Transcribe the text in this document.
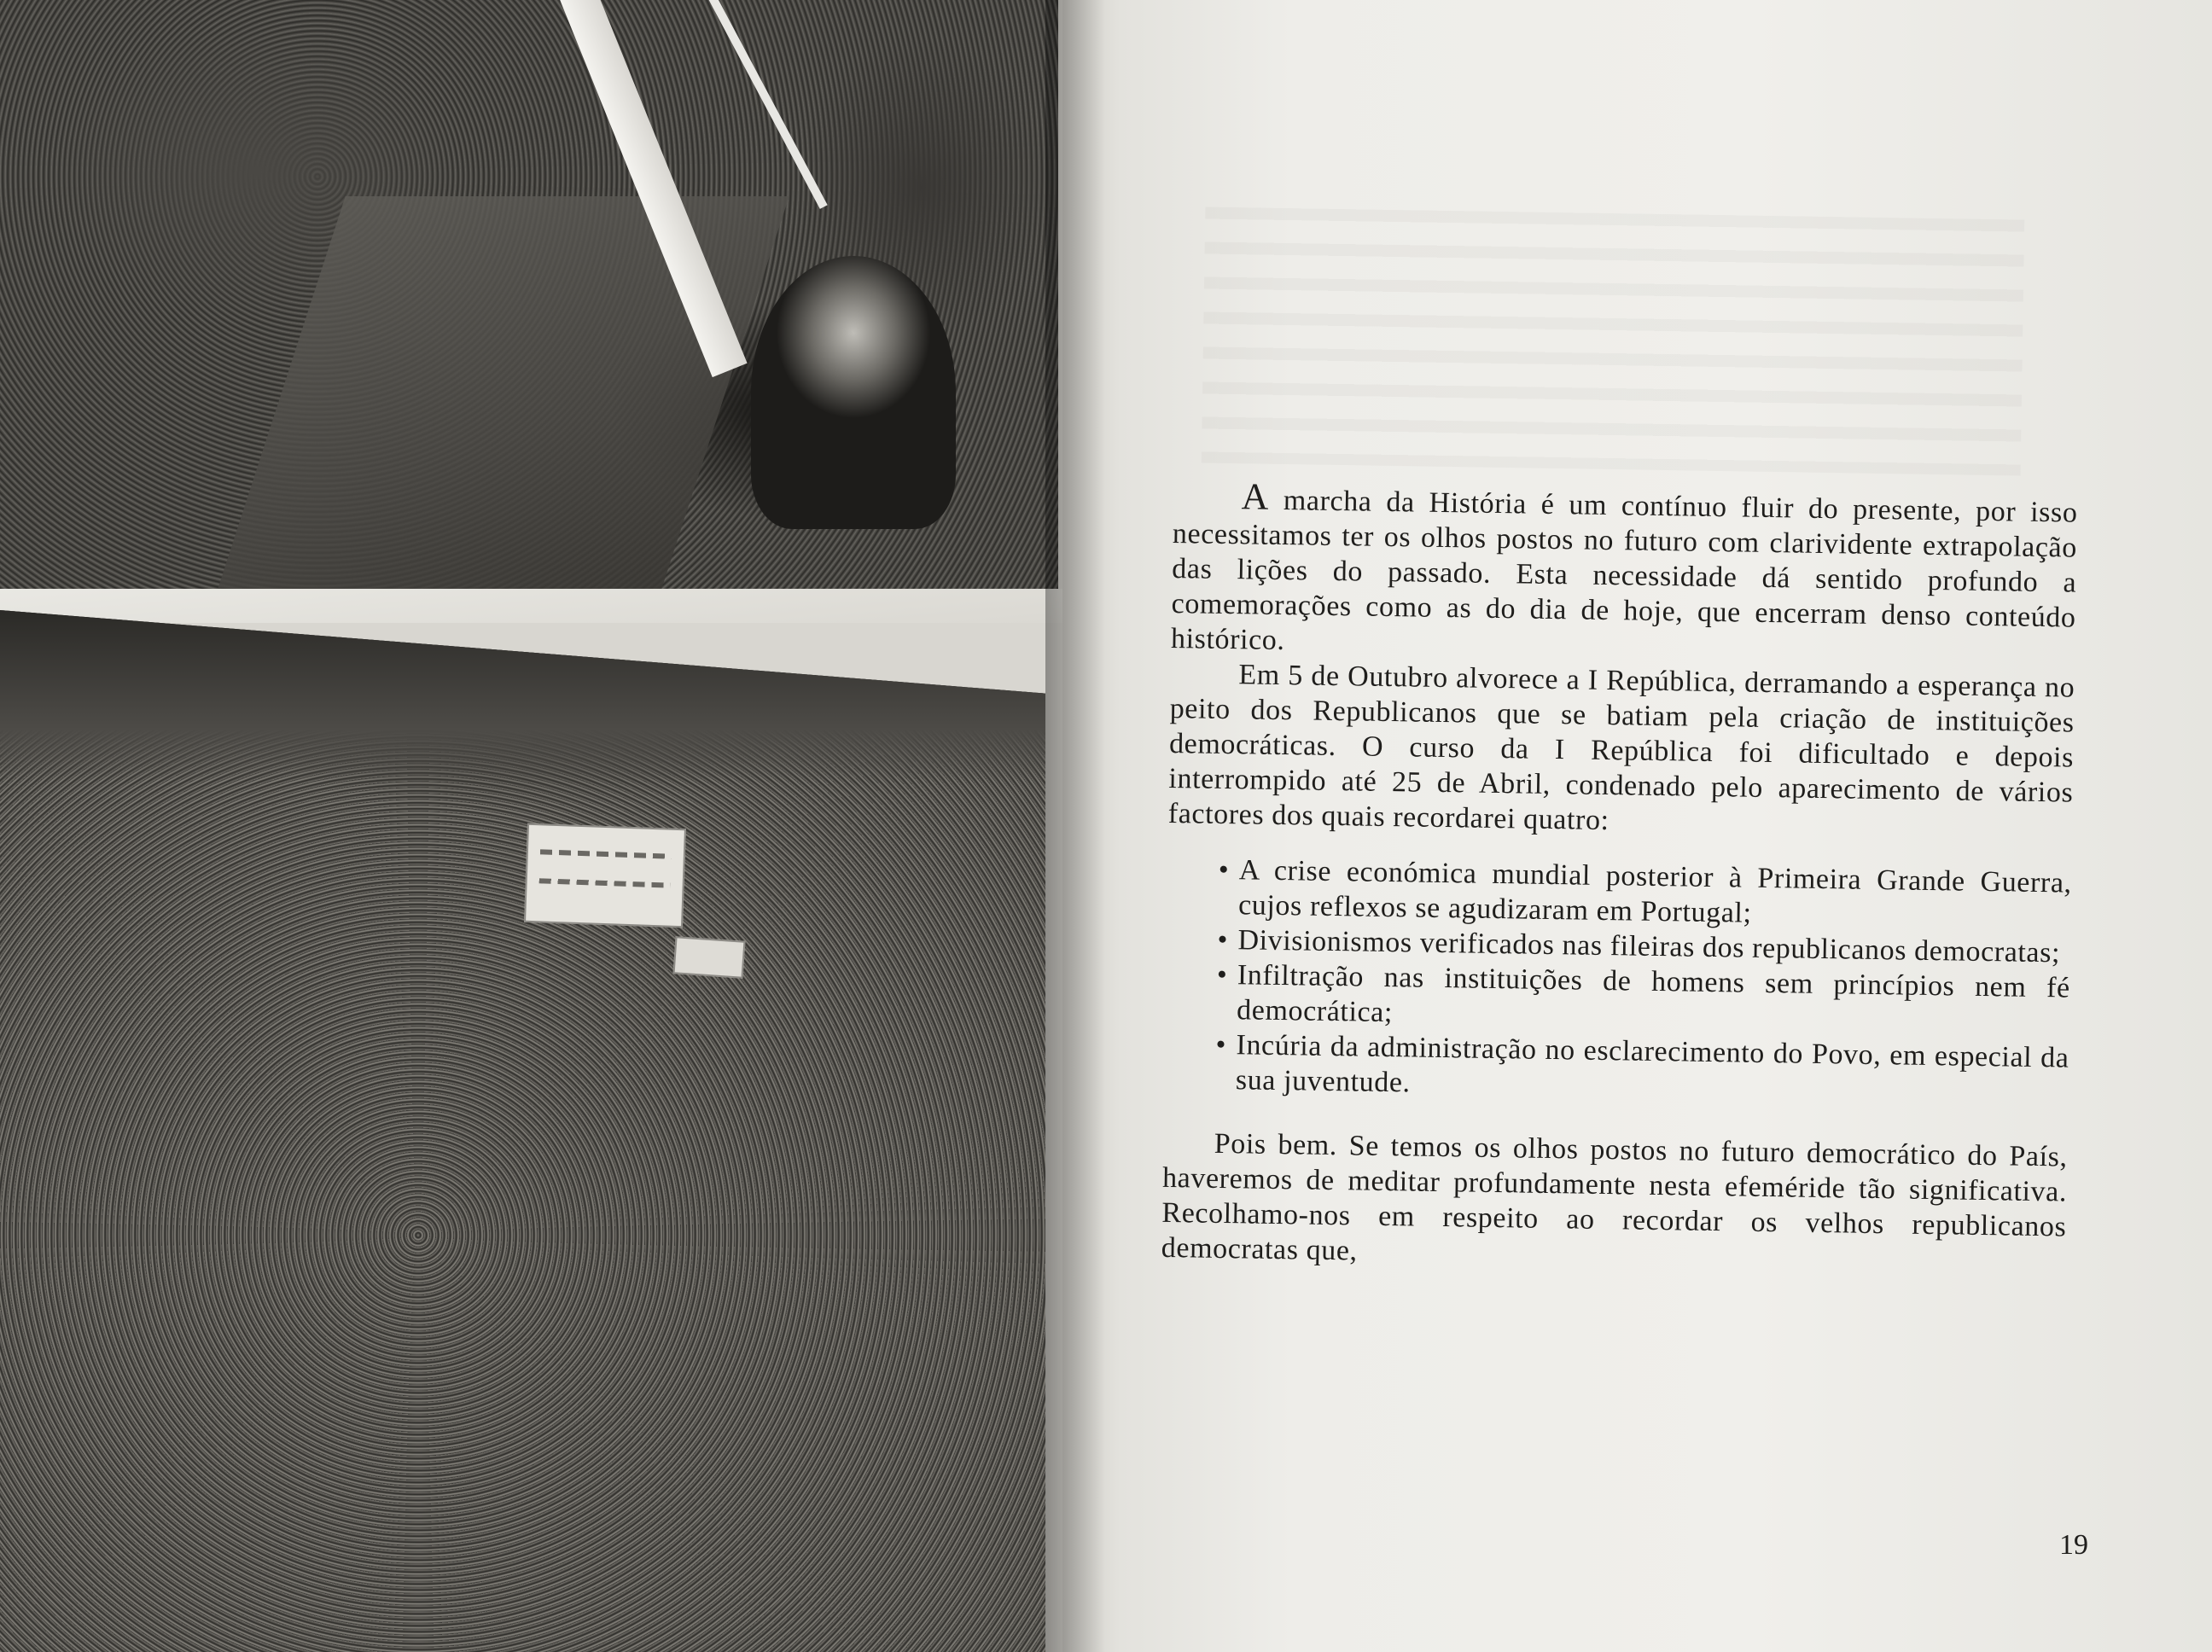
A marcha da História é um contínuo fluir do presente, por isso necessitamos ter os olhos postos no futuro com clarividente extrapolação das lições do passado. Esta necessidade dá sentido profundo a comemorações como as do dia de hoje, que encerram denso conteúdo histórico.

Em 5 de Outubro alvorece a I República, derramando a esperança no peito dos Republicanos que se batiam pela criação de instituições democráticas. O curso da I República foi dificultado e depois interrompido até 25 de Abril, condenado pelo aparecimento de vários factores dos quais recordarei quatro:

• A crise económica mundial posterior à Primeira Grande Guerra, cujos reflexos se agudizaram em Portugal;
• Divisionismos verificados nas fileiras dos republicanos democratas;
• Infiltração nas instituições de homens sem princípios nem fé democrática;
• Incúria da administração no esclarecimento do Povo, em especial da sua juventude.

Pois bem. Se temos os olhos postos no futuro democrático do País, haveremos de meditar profundamente nesta efeméride tão significativa. Recolhamo-nos em respeito ao recordar os velhos republicanos democratas que,

19
